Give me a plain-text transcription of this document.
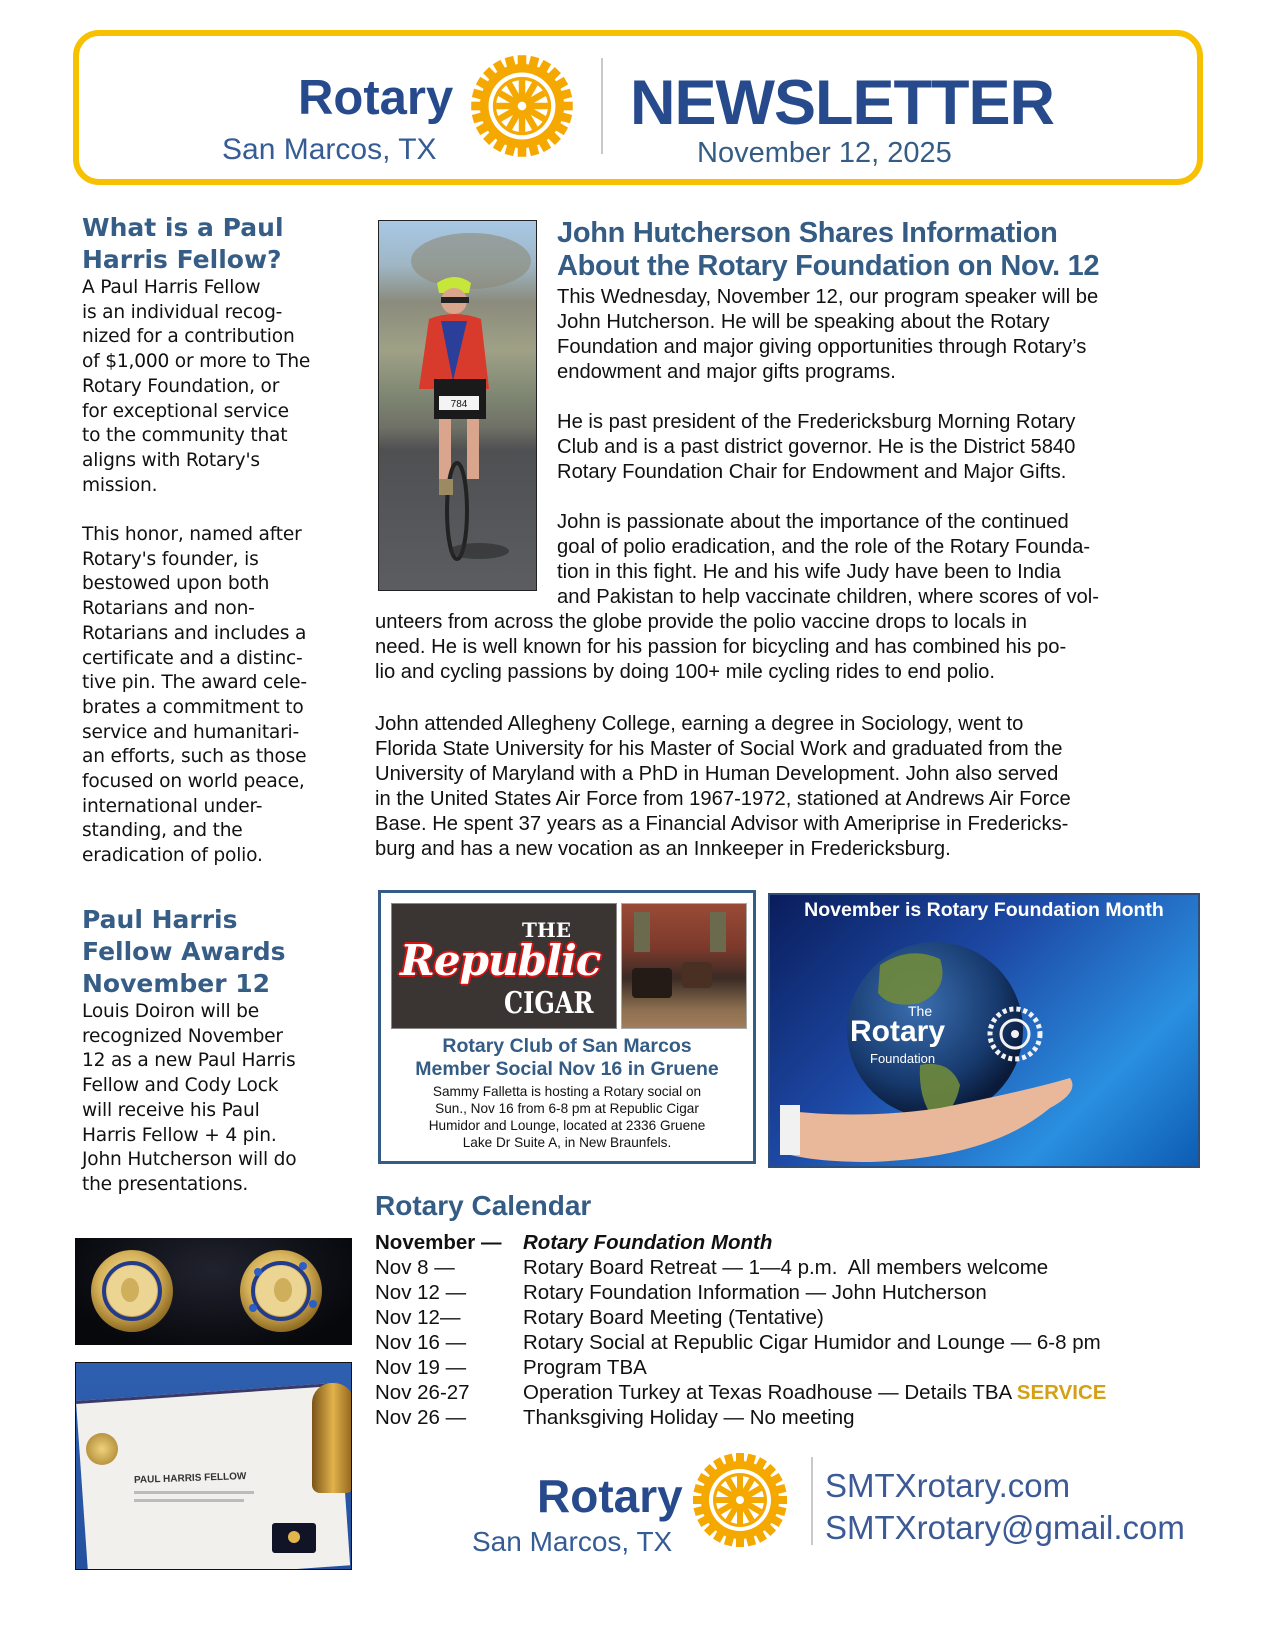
Rotary
San Marcos, TX
NEWSLETTER
November 12, 2025
What is a Paul
Harris Fellow?

A Paul Harris Fellow
is an individual recog-
nized for a contribution
of $1,000 or more to The
Rotary Foundation, or
for exceptional service
to the community that
aligns with Rotary's
mission.

This honor, named after
Rotary's founder, is
bestowed upon both
Rotarians and non-
Rotarians and includes a
certificate and a distinc-
tive pin. The award cele-
brates a commitment to
service and humanitari-
an efforts, such as those
focused on world peace,
international under-
standing, and the
eradication of polio.

Paul Harris
Fellow Awards
November 12

Louis Doiron will be
recognized November
12 as a new Paul Harris
Fellow and Cody Lock
will receive his Paul
Harris Fellow + 4 pin.
John Hutcherson will do
the presentations.

PAUL HARRIS FELLOW
784
John Hutcherson Shares Information
About the Rotary Foundation on Nov. 12

This Wednesday, November 12, our program speaker will be
John Hutcherson. He will be speaking about the Rotary
Foundation and major giving opportunities through Rotary’s
endowment and major gifts programs.

He is past president of the Fredericksburg Morning Rotary
Club and is a past district governor. He is the District 5840
Rotary Foundation Chair for Endowment and Major Gifts.

John is passionate about the importance of the continued
goal of polio eradication, and the role of the Rotary Founda-
tion in this fight. He and his wife Judy have been to India
and Pakistan to help vaccinate children, where scores of vol-

unteers from across the globe provide the polio vaccine drops to locals in
need. He is well known for his passion for bicycling and has combined his po-
lio and cycling passions by doing 100+ mile cycling rides to end polio.

John attended Allegheny College, earning a degree in Sociology, went to
Florida State University for his Master of Social Work and graduated from the
University of Maryland with a PhD in Human Development. John also served
in the United States Air Force from 1967-1972, stationed at Andrews Air Force
Base. He spent 37 years as a Financial Advisor with Ameriprise in Fredericks-
burg and has a new vocation as an Innkeeper in Fredericksburg.

THE
Republic
CIGAR
Rotary Club of San Marcos
Member Social Nov 16 in Gruene
Sammy Falletta is hosting a Rotary social on
Sun., Nov 16 from 6-8 pm at Republic Cigar
Humidor and Lounge, located at 2336 Gruene
Lake Dr Suite A, in New Braunfels.
November is Rotary Foundation Month
The
Rotary
Foundation
Rotary Calendar
November — Rotary Foundation Month
Nov 8 —	Rotary Board Retreat — 1—4 p.m.  All members welcome
Nov 12 —	Rotary Foundation Information — John Hutcherson
Nov 12—	Rotary Board Meeting (Tentative)
Nov 16 —	Rotary Social at Republic Cigar Humidor and Lounge — 6-8 pm
Nov 19 —	Program TBA
Nov 26-27	Operation Turkey at Texas Roadhouse — Details TBA SERVICE
Nov 26 —	Thanksgiving Holiday — No meeting
Rotary
San Marcos, TX
SMTXrotary.com
SMTXrotary@gmail.com
